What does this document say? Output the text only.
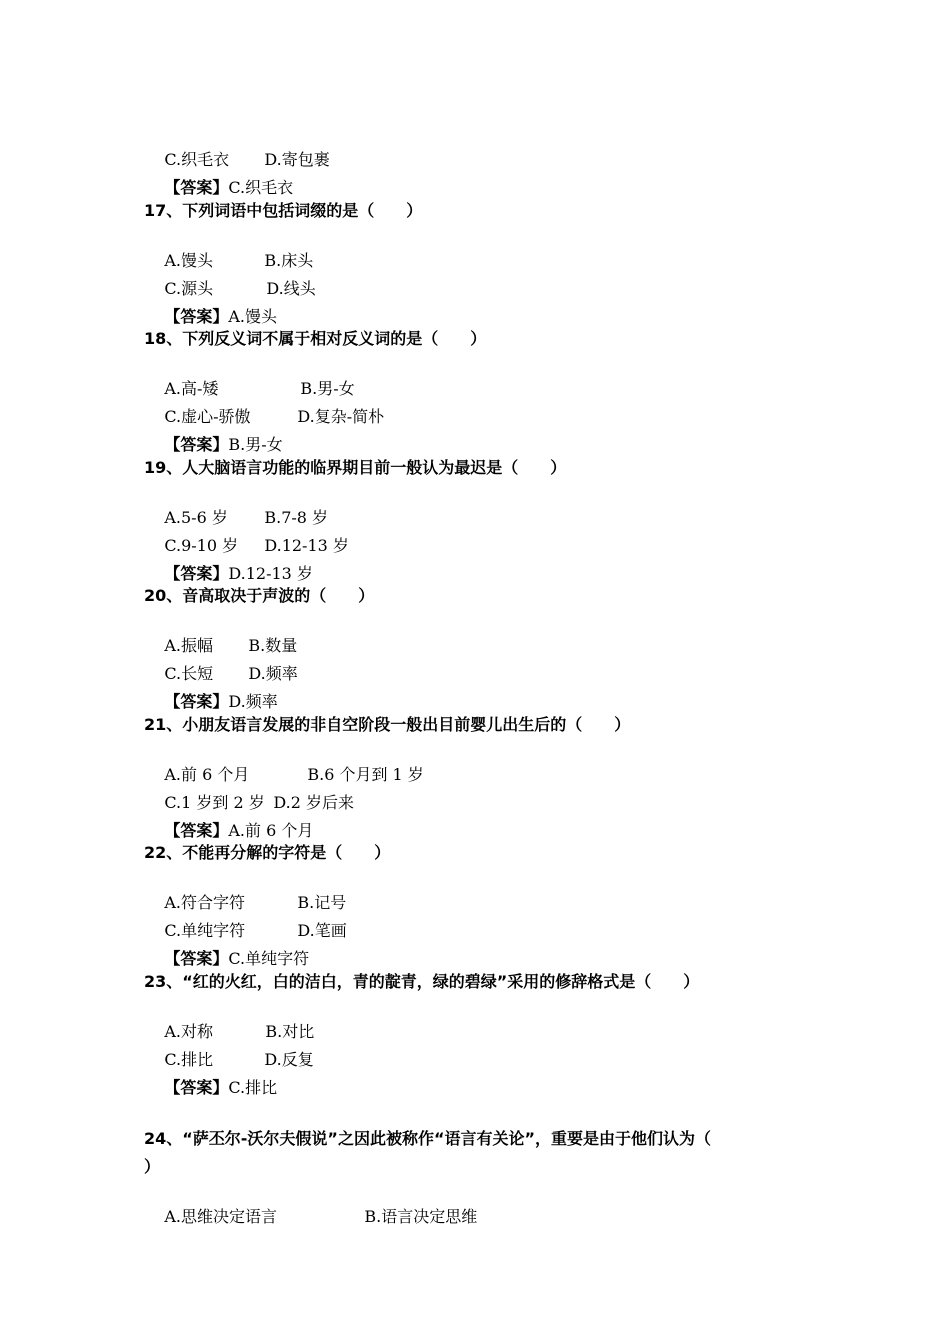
C.织毛衣 D.寄包裹

【答案】C.织毛衣

17、下列词语中包括词缀的是（　　）

A.馒头	B.床头

C.源头	D.线头

【答案】A.馒头

18、下列反义词不属于相对反义词的是（　　）

A.高-矮	B.男-女

C.虚心-骄傲	D.复杂-简朴

【答案】B.男-女

19、人大脑语言功能的临界期目前一般认为最迟是（　　）

A.5-6 岁 B.7-8 岁

C.9-10 岁 D.12-13 岁

【答案】D.12-13 岁

20、音高取决于声波的（　　）

A.振幅 B.数量

C.长短 D.频率

【答案】D.频率

21、小朋友语言发展的非自空阶段一般出目前婴儿出生后的（　　）

A.前 6 个月	B.6 个月到 1 岁

C.1 岁到 2 岁 D.2 岁后来

【答案】A.前 6 个月

22、不能再分解的字符是（　　）

A.符合字符	B.记号

C.单纯字符	D.笔画

【答案】C.单纯字符

23、“红的火红，白的洁白，青的靛青，绿的碧绿”采用的修辞格式是（　　）

A.对称	B.对比

C.排比	D.反复

【答案】C.排比

24、“萨丕尔-沃尔夫假说”之因此被称作“语言有关论”，重要是由于他们认为（
）

A.思维决定语言	B.语言决定思维
